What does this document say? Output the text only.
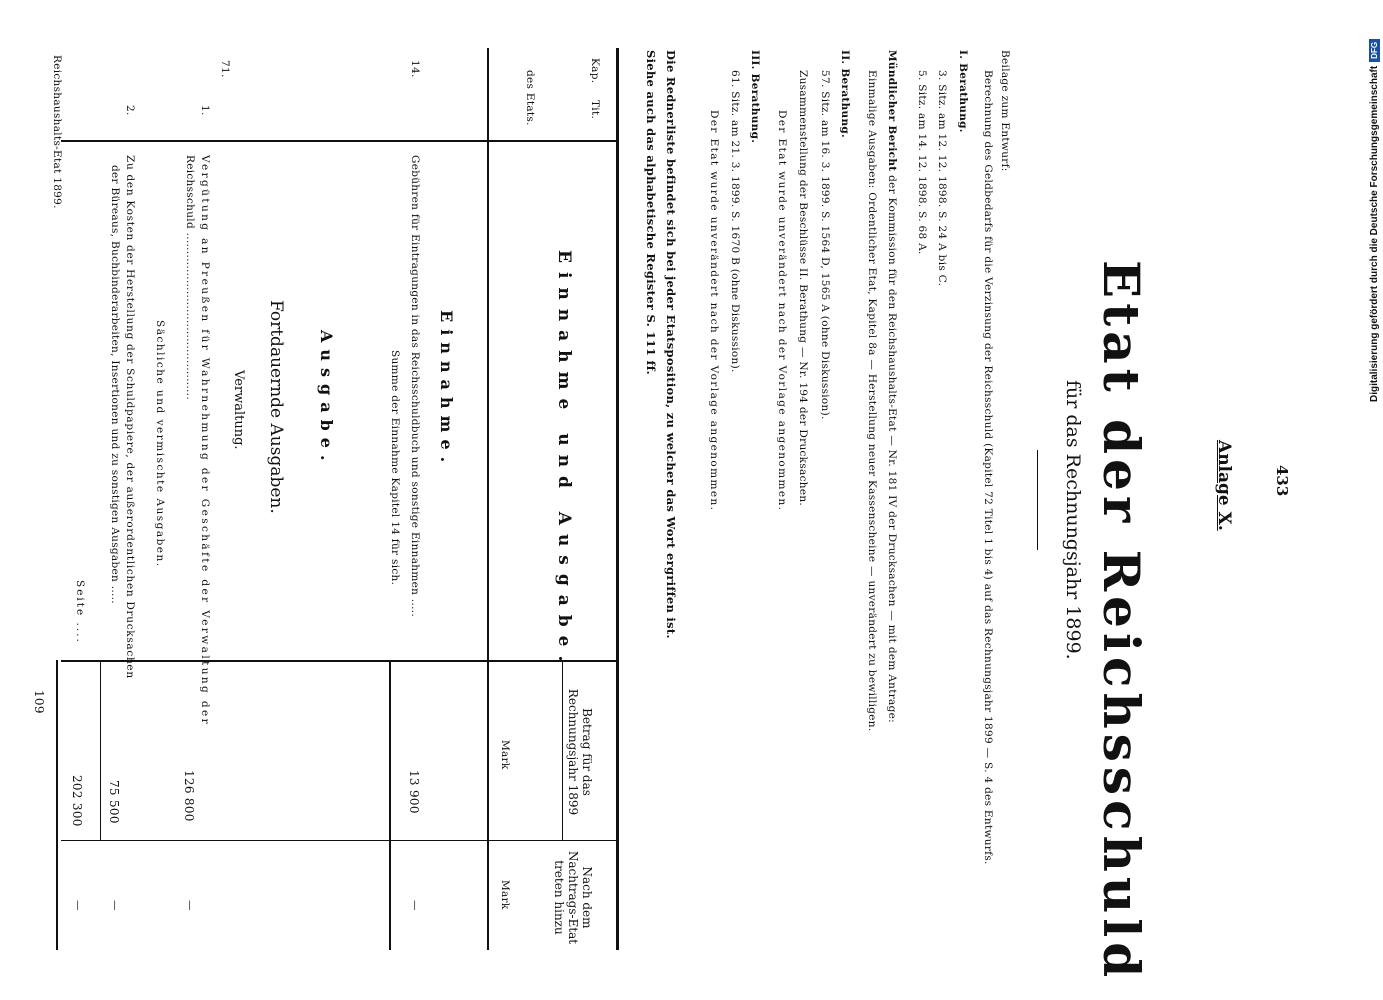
Digitalisierung gefördert durch die Deutsche Forschungsgemeinschaft
DFG
433
Anlage X.
Etat der Reichsschuld
für das Rechnungsjahr 1899.
Beilage zum Entwurf:
Berechnung des Geldbedarfs für die Verzinsung der Reichsschuld (Kapitel 72 Titel 1 bis 4) auf das Rechnungsjahr 1899 — S. 4 des Entwurfs.
I. Berathung.
3. Sitz. am 12. 12. 1898. S. 24 A bis C.
5. Sitz. am 14. 12. 1898. S. 68 A.
Mündlicher Bericht der Kommission für den Reichshaushalts-Etat — Nr. 181 IV der Drucksachen — mit dem Antrage:
Einmalige Ausgaben: Ordentlicher Etat, Kapitel 8a — Herstellung neuer Kassenscheine — unverändert zu bewilligen.
II. Berathung.
57. Sitz. am 16. 3. 1899. S. 1564 D, 1565 A (ohne Diskussion).
Zusammenstellung der Beschlüsse II. Berathung — Nr. 194 der Drucksachen.
Der Etat wurde unverändert nach der Vorlage angenommen.
III. Berathung.
61. Sitz. am 21. 3. 1899. S. 1670 B (ohne Diskussion).
Der Etat wurde unverändert nach der Vorlage angenommen.
Die Rednerliste befindet sich bei jeder Etatsposition, zu welcher das Wort ergriffen ist.
Siehe auch das alphabetische Register S. 111 ff.
Kap.
Tit.
des Etats.
Einnahme und Ausgabe.
Betrag für das Rechnungsjahr 1899
Nach dem Nachtrags-Etat treten hinzu
Mark
Mark
Einnahme.
14.
Gebühren für Eintragungen in das Reichsschuldbuch und sonstige Einnahmen .....
13 900
—
Summe der Einnahme Kapitel 14 für sich.
Ausgabe.
Fortdauernde Ausgaben.
Verwaltung.
71.
1.
Vergütung an Preußen für Wahrnehmung der Geschäfte der Verwaltung der
Reichsschuld ..............................................
126 800
—
Sächliche und vermischte Ausgaben.
2.
Zu den Kosten der Herstellung der Schuldpapiere, der außerordentlichen Drucksachen
der Büreaus, Buchbinderarbeiten, Insertionen und zu sonstigen Ausgaben .....
75 500
—
Seite ....
202 300
—
Reichshaushalts-Etat 1899.
109
